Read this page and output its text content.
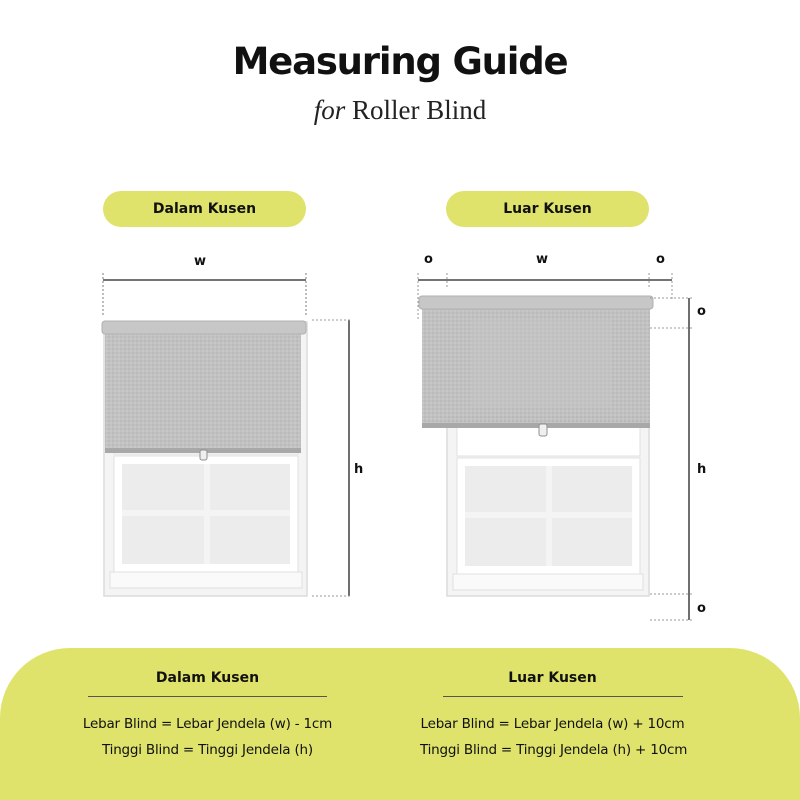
Measuring Guide
for Roller Blind
Dalam Kusen	Luar Kusen
w
h
o	w	o
o
h
o
Dalam Kusen
Lebar Blind = Lebar Jendela (w) - 1cm
Tinggi Blind = Tinggi Jendela (h)
Luar Kusen
Lebar Blind = Lebar Jendela (w) + 10cm
Tinggi Blind = Tinggi Jendela (h) + 10cm
